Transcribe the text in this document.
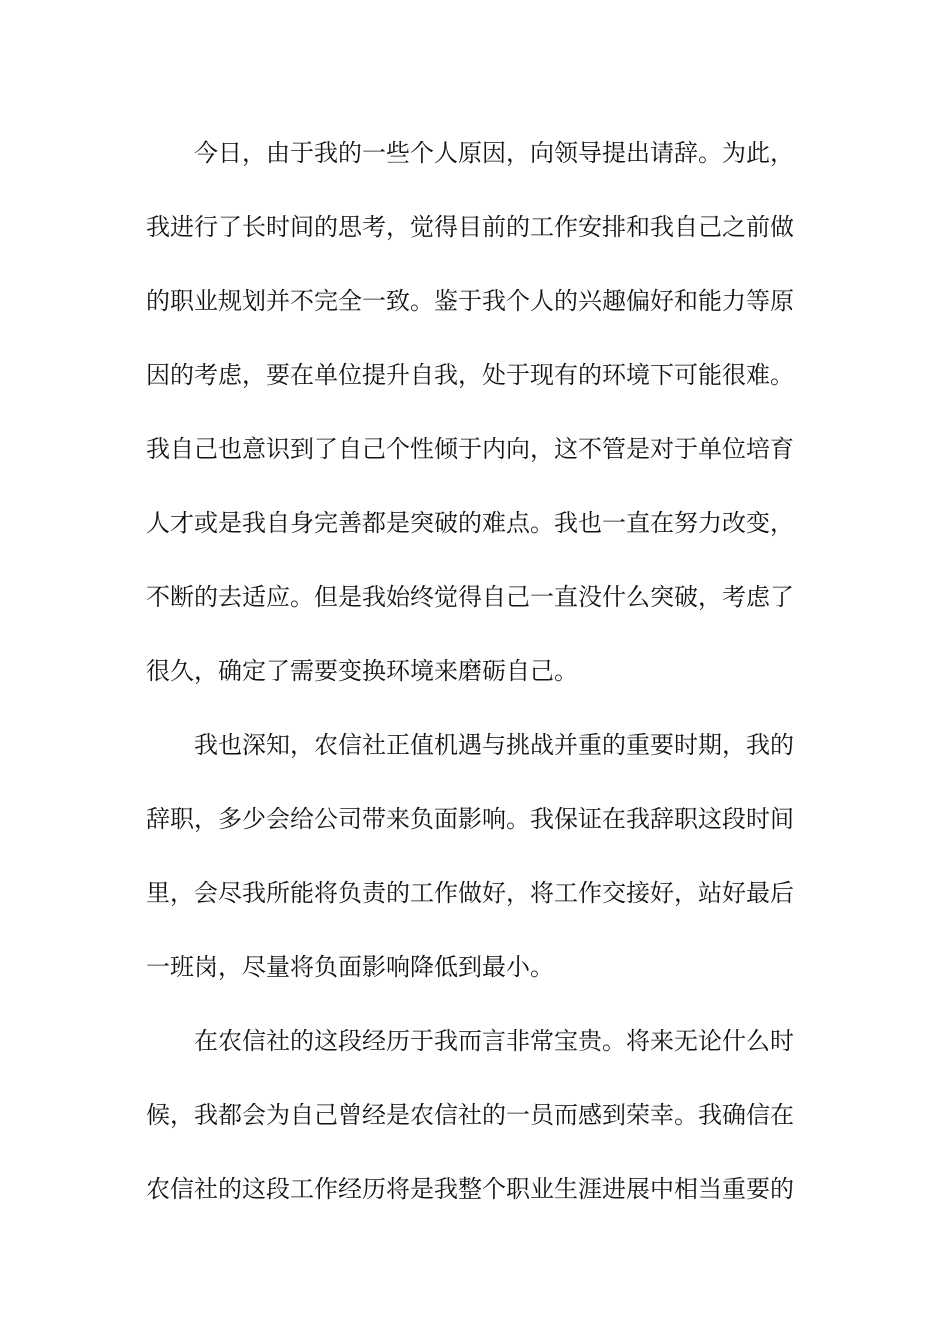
今日，由于我的一些个人原因，向领导提出请辞。为此，
我进行了长时间的思考，觉得目前的工作安排和我自己之前做
的职业规划并不完全一致。鉴于我个人的兴趣偏好和能力等原
因的考虑，要在单位提升自我，处于现有的环境下可能很难。
我自己也意识到了自己个性倾于内向，这不管是对于单位培育
人才或是我自身完善都是突破的难点。我也一直在努力改变，
不断的去适应。但是我始终觉得自己一直没什么突破，考虑了
很久，确定了需要变换环境来磨砺自己。
我也深知，农信社正值机遇与挑战并重的重要时期，我的
辞职，多少会给公司带来负面影响。我保证在我辞职这段时间
里，会尽我所能将负责的工作做好，将工作交接好，站好最后
一班岗，尽量将负面影响降低到最小。
在农信社的这段经历于我而言非常宝贵。将来无论什么时
候，我都会为自己曾经是农信社的一员而感到荣幸。我确信在
农信社的这段工作经历将是我整个职业生涯进展中相当重要的
